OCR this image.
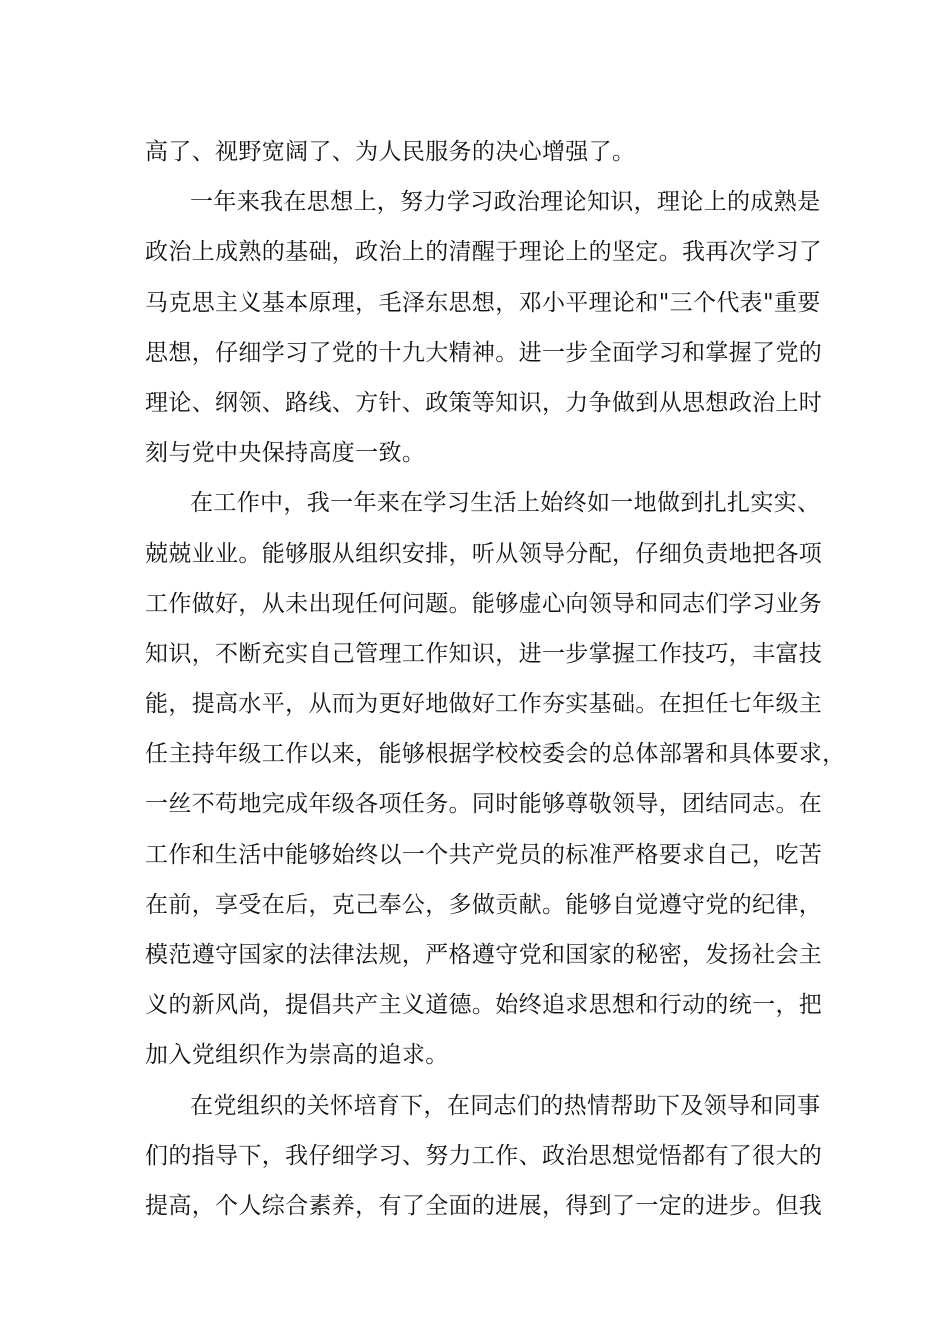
高了、视野宽阔了、为人民服务的决心增强了。
一年来我在思想上，努力学习政治理论知识，理论上的成熟是
政治上成熟的基础，政治上的清醒于理论上的坚定。我再次学习了
马克思主义基本原理，毛泽东思想，邓小平理论和"三个代表"重要
思想，仔细学习了党的十九大精神。进一步全面学习和掌握了党的
理论、纲领、路线、方针、政策等知识，力争做到从思想政治上时
刻与党中央保持高度一致。
在工作中，我一年来在学习生活上始终如一地做到扎扎实实、
兢兢业业。能够服从组织安排，听从领导分配，仔细负责地把各项
工作做好，从未出现任何问题。能够虚心向领导和同志们学习业务
知识，不断充实自己管理工作知识，进一步掌握工作技巧，丰富技
能，提高水平，从而为更好地做好工作夯实基础。在担任七年级主
任主持年级工作以来，能够根据学校校委会的总体部署和具体要求，
一丝不苟地完成年级各项任务。同时能够尊敬领导，团结同志。在
工作和生活中能够始终以一个共产党员的标准严格要求自己，吃苦
在前，享受在后，克己奉公，多做贡献。能够自觉遵守党的纪律，
模范遵守国家的法律法规，严格遵守党和国家的秘密，发扬社会主
义的新风尚，提倡共产主义道德。始终追求思想和行动的统一，把
加入党组织作为崇高的追求。
在党组织的关怀培育下，在同志们的热情帮助下及领导和同事
们的指导下，我仔细学习、努力工作、政治思想觉悟都有了很大的
提高，个人综合素养，有了全面的进展，得到了一定的进步。但我
